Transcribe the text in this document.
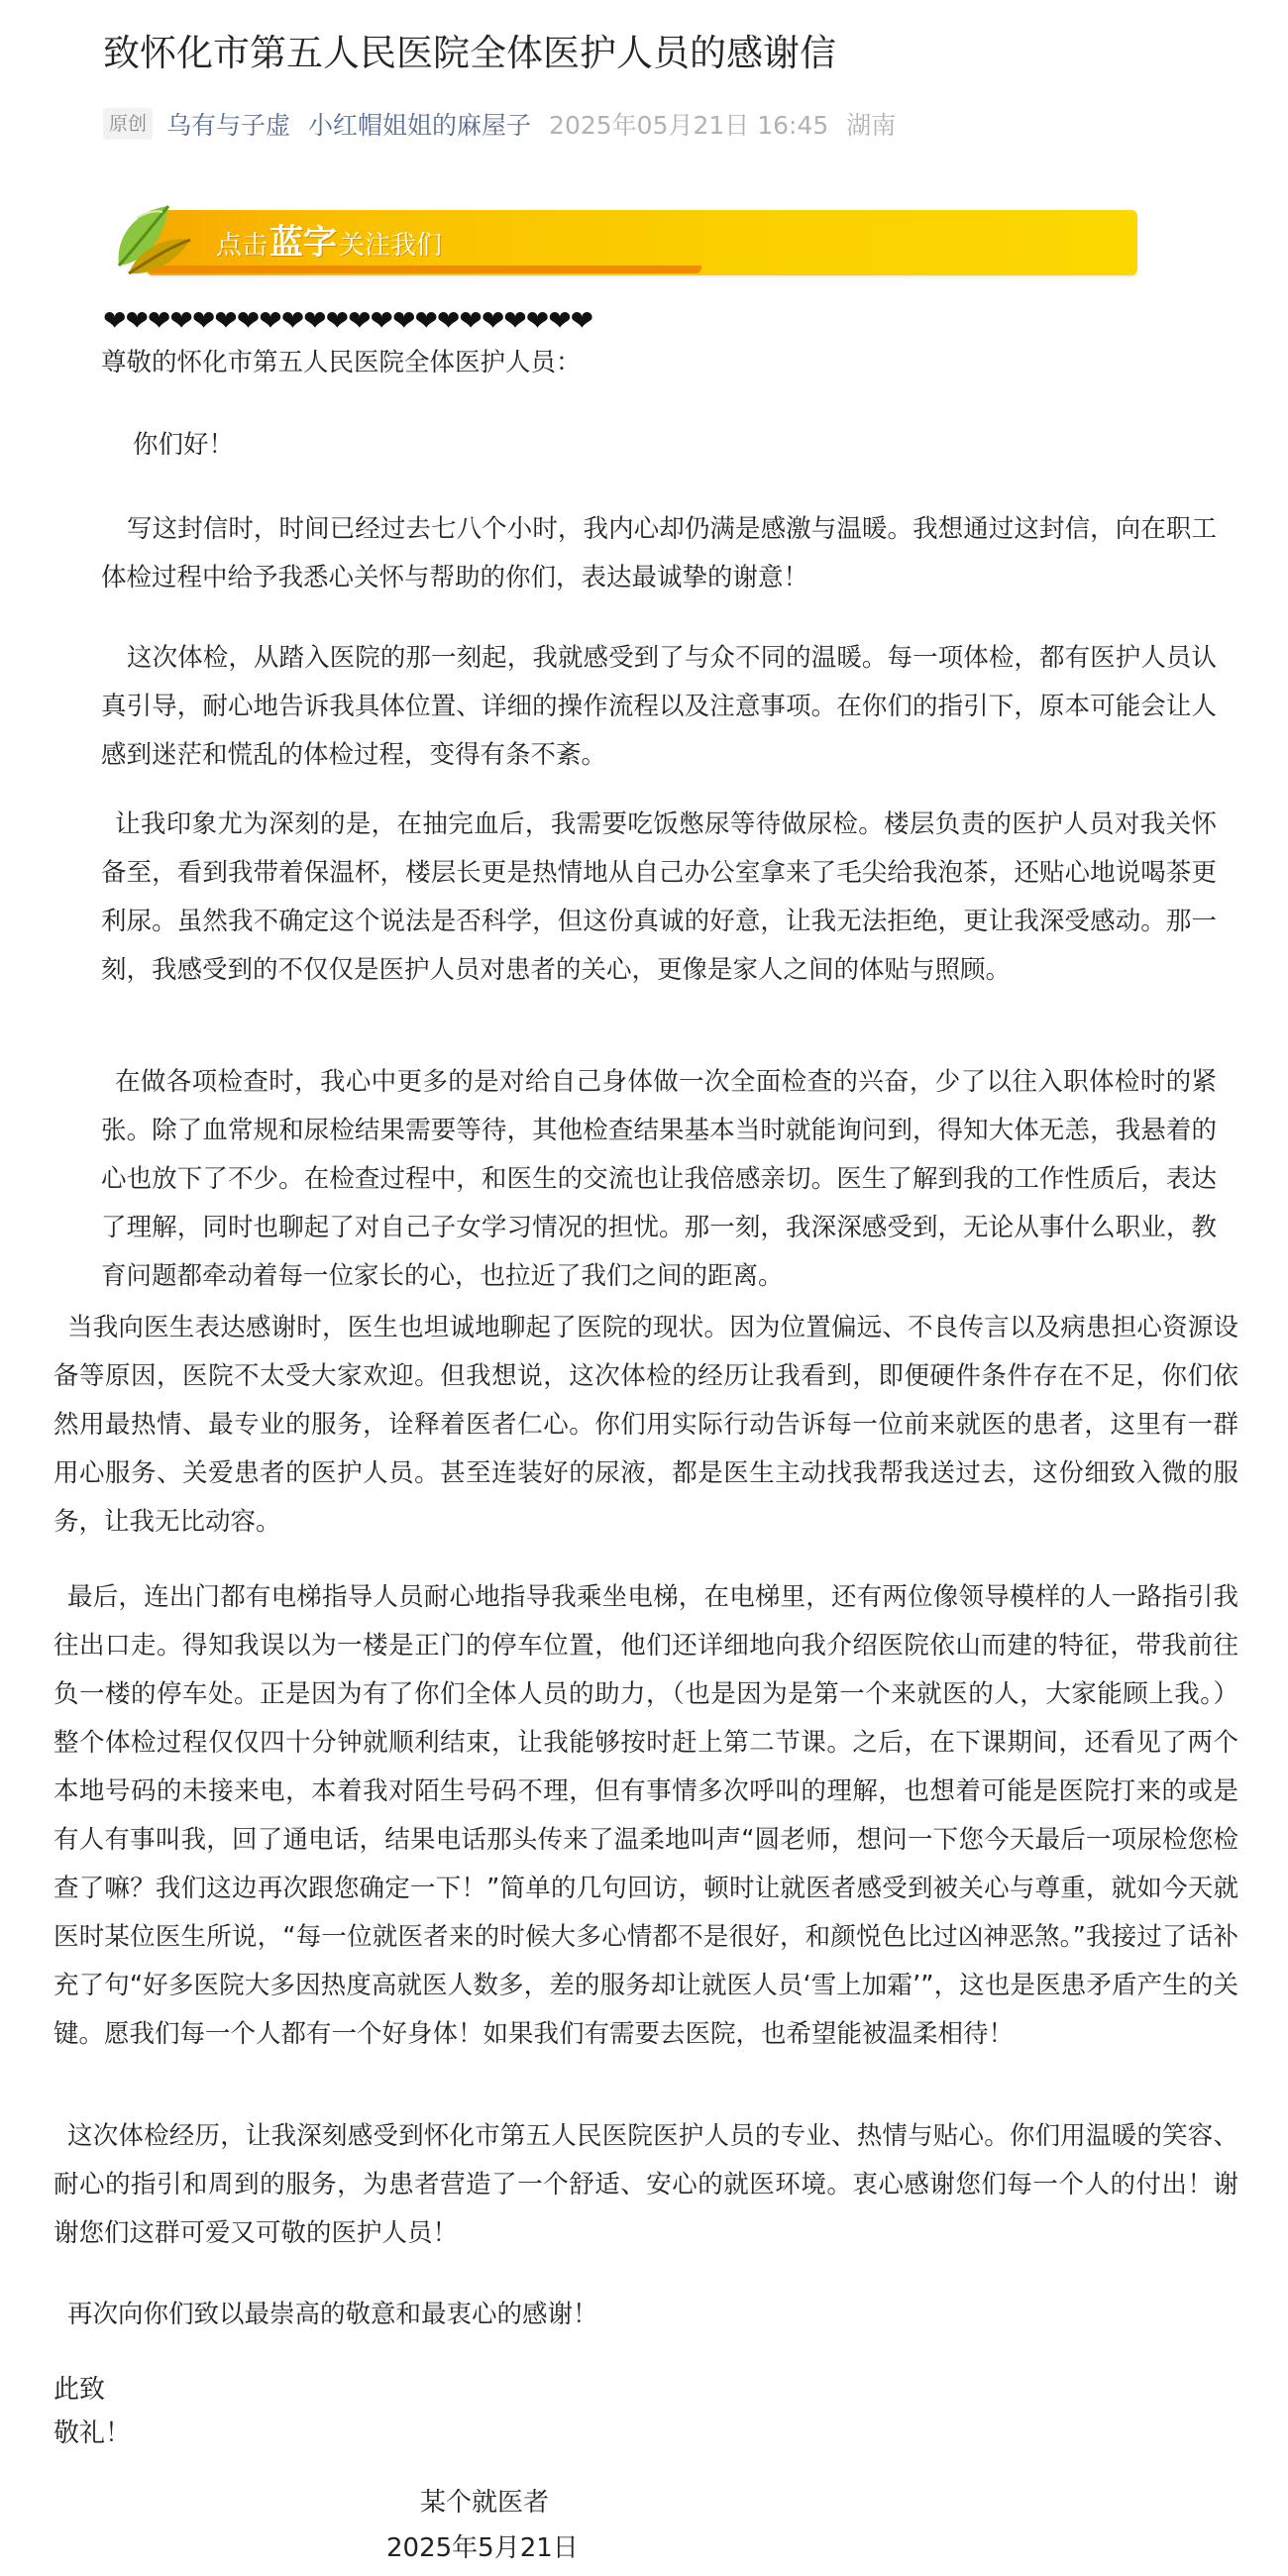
致怀化市第五人民医院全体医护人员的感谢信
原创 乌有与子虚 小红帽姐姐的麻屋子 2025年05月21日 16:45 湖南
点击蓝字关注我们
❤❤❤❤❤❤❤❤❤❤❤❤❤❤❤❤❤❤❤❤❤❤

尊敬的怀化市第五人民医院全体医护人员：

你们好！

写这封信时，时间已经过去七八个小时，我内心却仍满是感激与温暖。我想通过这封信，向在职工体检过程中给予我悉心关怀与帮助的你们，表达最诚挚的谢意！

这次体检，从踏入医院的那一刻起，我就感受到了与众不同的温暖。每一项体检，都有医护人员认真引导，耐心地告诉我具体位置、详细的操作流程以及注意事项。在你们的指引下，原本可能会让人感到迷茫和慌乱的体检过程，变得有条不紊。

让我印象尤为深刻的是，在抽完血后，我需要吃饭憋尿等待做尿检。楼层负责的医护人员对我关怀备至，看到我带着保温杯，楼层长更是热情地从自己办公室拿来了毛尖给我泡茶，还贴心地说喝茶更利尿。虽然我不确定这个说法是否科学，但这份真诚的好意，让我无法拒绝，更让我深受感动。那一刻，我感受到的不仅仅是医护人员对患者的关心，更像是家人之间的体贴与照顾。

在做各项检查时，我心中更多的是对给自己身体做一次全面检查的兴奋，少了以往入职体检时的紧张。除了血常规和尿检结果需要等待，其他检查结果基本当时就能询问到，得知大体无恙，我悬着的心也放下了不少。在检查过程中，和医生的交流也让我倍感亲切。医生了解到我的工作性质后，表达了理解，同时也聊起了对自己子女学习情况的担忧。那一刻，我深深感受到，无论从事什么职业，教育问题都牵动着每一位家长的心，也拉近了我们之间的距离。

当我向医生表达感谢时，医生也坦诚地聊起了医院的现状。因为位置偏远、不良传言以及病患担心资源设备等原因，医院不太受大家欢迎。但我想说，这次体检的经历让我看到，即便硬件条件存在不足，你们依然用最热情、最专业的服务，诠释着医者仁心。你们用实际行动告诉每一位前来就医的患者，这里有一群用心服务、关爱患者的医护人员。甚至连装好的尿液，都是医生主动找我帮我送过去，这份细致入微的服务，让我无比动容。

最后，连出门都有电梯指导人员耐心地指导我乘坐电梯，在电梯里，还有两位像领导模样的人一路指引我往出口走。得知我误以为一楼是正门的停车位置，他们还详细地向我介绍医院依山而建的特征，带我前往负一楼的停车处。正是因为有了你们全体人员的助力，（也是因为是第一个来就医的人，大家能顾上我。）整个体检过程仅仅四十分钟就顺利结束，让我能够按时赶上第二节课。之后，在下课期间，还看见了两个本地号码的未接来电，本着我对陌生号码不理，但有事情多次呼叫的理解，也想着可能是医院打来的或是有人有事叫我，回了通电话，结果电话那头传来了温柔地叫声“圆老师，想问一下您今天最后一项尿检您检查了嘛？我们这边再次跟您确定一下！”简单的几句回访，顿时让就医者感受到被关心与尊重，就如今天就医时某位医生所说，“每一位就医者来的时候大多心情都不是很好，和颜悦色比过凶神恶煞。”我接过了话补充了句“好多医院大多因热度高就医人数多，差的服务却让就医人员‘雪上加霜’”，这也是医患矛盾产生的关键。愿我们每一个人都有一个好身体！如果我们有需要去医院，也希望能被温柔相待！

这次体检经历，让我深刻感受到怀化市第五人民医院医护人员的专业、热情与贴心。你们用温暖的笑容、耐心的指引和周到的服务，为患者营造了一个舒适、安心的就医环境。衷心感谢您们每一个人的付出！谢谢您们这群可爱又可敬的医护人员！

再次向你们致以最崇高的敬意和最衷心的感谢！

此致
敬礼！
某个就医者
2025年5月21日
